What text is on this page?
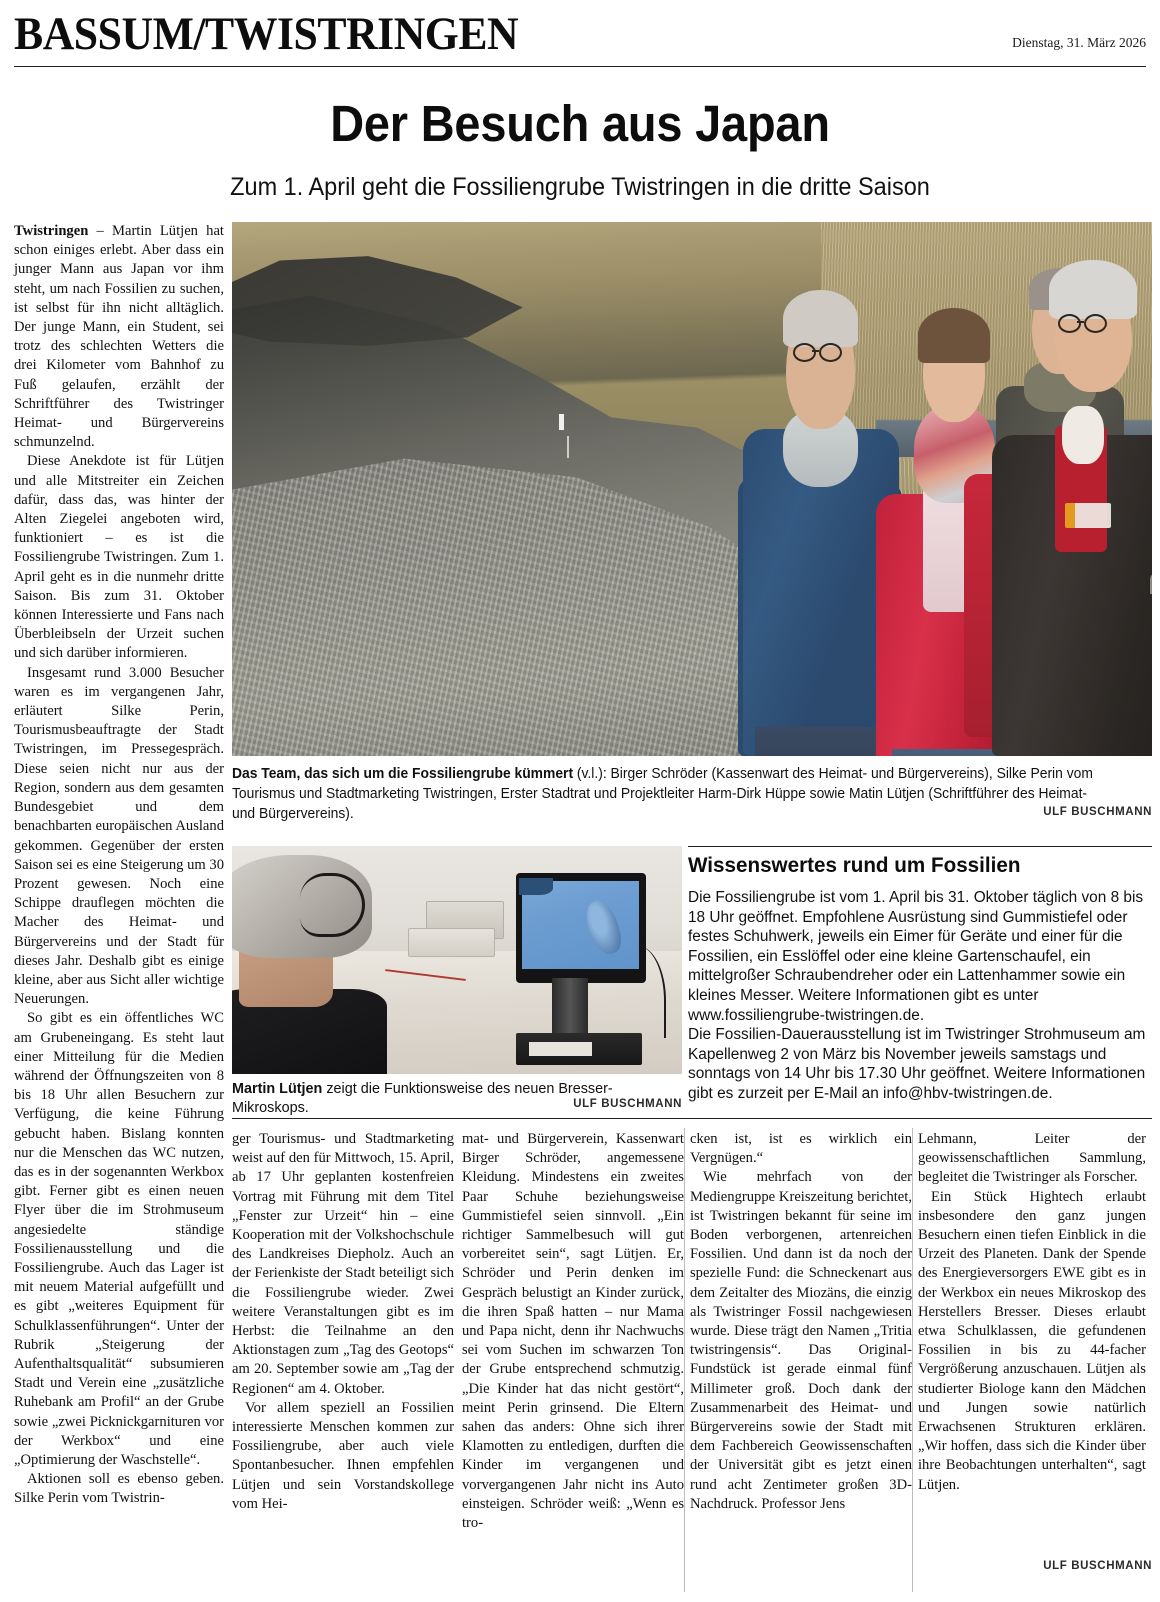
BASSUM/TWISTRINGEN	Dienstag, 31. März 2026
Der Besuch aus Japan
Zum 1. April geht die Fossiliengrube Twistringen in die dritte Saison

Twistringen – Martin Lütjen hat schon einiges erlebt. Aber dass ein junger Mann aus Japan vor ihm steht, um nach Fossilien zu suchen, ist selbst für ihn nicht alltäglich. Der junge Mann, ein Student, sei trotz des schlechten Wetters die drei Kilometer vom Bahnhof zu Fuß gelaufen, erzählt der Schriftführer des Twistringer Heimat- und Bürgervereins schmunzelnd.

Diese Anekdote ist für Lütjen und alle Mitstreiter ein Zeichen dafür, dass das, was hinter der Alten Ziegelei angeboten wird, funktioniert – es ist die Fossiliengrube Twistringen. Zum 1. April geht es in die nunmehr dritte Saison. Bis zum 31. Oktober können Interessierte und Fans nach Überbleibseln der Urzeit suchen und sich darüber informieren.

Insgesamt rund 3.000 Besucher waren es im vergangenen Jahr, erläutert Silke Perin, Tourismusbeauftragte der Stadt Twistringen, im Pressegespräch. Diese seien nicht nur aus der Region, sondern aus dem gesamten Bundesgebiet und dem benachbarten europäischen Ausland gekommen. Gegenüber der ersten Saison sei es eine Steigerung um 30 Prozent gewesen. Noch eine Schippe drauflegen möchten die Macher des Heimat- und Bürgervereins und der Stadt für dieses Jahr. Deshalb gibt es einige kleine, aber aus Sicht aller wichtige Neuerungen.

So gibt es ein öffentliches WC am Grubeneingang. Es steht laut einer Mitteilung für die Medien während der Öffnungszeiten von 8 bis 18 Uhr allen Besuchern zur Verfügung, die keine Führung gebucht haben. Bislang konnten nur die Menschen das WC nutzen, das es in der sogenannten Werkbox gibt. Ferner gibt es einen neuen Flyer über die im Strohmuseum angesiedelte ständige Fossilienausstellung und die Fossiliengrube. Auch das Lager ist mit neuem Material aufgefüllt und es gibt „weiteres Equipment für Schulklassenführungen“. Unter der Rubrik „Steigerung der Aufenthaltsqualität“ subsumieren Stadt und Verein eine „zusätzliche Ruhebank am Profil“ an der Grube sowie „zwei Picknickgarnituren vor der Werkbox“ und eine „Optimierung der Waschstelle“.

Aktionen soll es ebenso geben. Silke Perin vom Twistrin-

Das Team, das sich um die Fossiliengrube kümmert (v.l.): Birger Schröder (Kassenwart des Heimat- und Bürgervereins), Silke Perin vom Tourismus und Stadtmarketing Twistringen, Erster Stadtrat und Projektleiter Harm-Dirk Hüppe sowie Matin Lütjen (Schriftführer des Heimat- und Bürgervereins).	ULF BUSCHMANN
Martin Lütjen zeigt die Funktionsweise des neuen Bresser-Mikroskops.	ULF BUSCHMANN
Wissenswertes rund um Fossilien

Die Fossiliengrube ist vom 1. April bis 31. Oktober täglich von 8 bis 18 Uhr geöffnet. Empfohlene Ausrüstung sind Gummistiefel oder festes Schuhwerk, jeweils ein Eimer für Geräte und einer für die Fossilien, ein Esslöffel oder eine kleine Gartenschaufel, ein mittelgroßer Schraubendreher oder ein Lattenhammer sowie ein kleines Messer. Weitere Informationen gibt es unter www.fossiliengrube-twistringen.de.

Die Fossilien-Dauerausstellung ist im Twistringer Strohmuseum am Kapellenweg 2 von März bis November jeweils samstags und sonntags von 14 Uhr bis 17.30 Uhr geöffnet. Weitere Informationen gibt es zurzeit per E-Mail an info@hbv-twistringen.de.

ger Tourismus- und Stadtmarketing weist auf den für Mittwoch, 15. April, ab 17 Uhr geplanten kostenfreien Vortrag mit Führung mit dem Titel „Fenster zur Urzeit“ hin – eine Kooperation mit der Volkshochschule des Landkreises Diepholz. Auch an der Ferienkiste der Stadt beteiligt sich die Fossiliengrube wieder. Zwei weitere Veranstaltungen gibt es im Herbst: die Teilnahme an den Aktionstagen zum „Tag des Geotops“ am 20. September sowie am „Tag der Regionen“ am 4. Oktober.

Vor allem speziell an Fossilien interessierte Menschen kommen zur Fossiliengrube, aber auch viele Spontanbesucher. Ihnen empfehlen Lütjen und sein Vorstandskollege vom Hei-

mat- und Bürgerverein, Kassenwart Birger Schröder, angemessene Kleidung. Mindestens ein zweites Paar Schuhe beziehungsweise Gummistiefel seien sinnvoll. „Ein richtiger Sammelbesuch will gut vorbereitet sein“, sagt Lütjen. Er, Schröder und Perin denken im Gespräch belustigt an Kinder zurück, die ihren Spaß hatten – nur Mama und Papa nicht, denn ihr Nachwuchs sei vom Suchen im schwarzen Ton der Grube entsprechend schmutzig. „Die Kinder hat das nicht gestört“, meint Perin grinsend. Die Eltern sahen das anders: Ohne sich ihrer Klamotten zu entledigen, durften die Kinder im vergangenen und vorvergangenen Jahr nicht ins Auto einsteigen. Schröder weiß: „Wenn es tro-

cken ist, ist es wirklich ein Vergnügen.“

Wie mehrfach von der Mediengruppe Kreiszeitung berichtet, ist Twistringen bekannt für seine im Boden verborgenen, artenreichen Fossilien. Und dann ist da noch der spezielle Fund: die Schneckenart aus dem Zeitalter des Miozäns, die einzig als Twistringer Fossil nachgewiesen wurde. Diese trägt den Namen „Tritia twistringensis“. Das Original-Fundstück ist gerade einmal fünf Millimeter groß. Doch dank der Zusammenarbeit des Heimat- und Bürgervereins sowie der Stadt mit dem Fachbereich Geowissenschaften der Universität gibt es jetzt einen rund acht Zentimeter großen 3D-Nachdruck. Professor Jens

Lehmann, Leiter der geowissenschaftlichen Sammlung, begleitet die Twistringer als Forscher.

Ein Stück Hightech erlaubt insbesondere den ganz jungen Besuchern einen tiefen Einblick in die Urzeit des Planeten. Dank der Spende des Energieversorgers EWE gibt es in der Werkbox ein neues Mikroskop des Herstellers Bresser. Dieses erlaubt etwa Schulklassen, die gefundenen Fossilien in bis zu 44-facher Vergrößerung anzuschauen. Lütjen als studierter Biologe kann den Mädchen und Jungen sowie natürlich Erwachsenen Strukturen erklären. „Wir hoffen, dass sich die Kinder über ihre Beobachtungen unterhalten“, sagt Lütjen.

ULF BUSCHMANN
